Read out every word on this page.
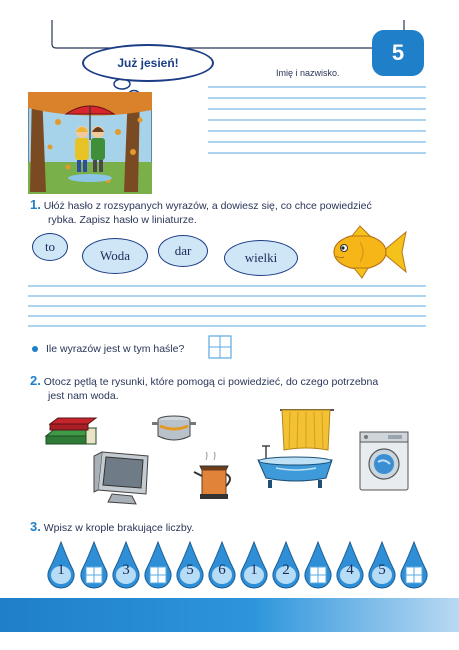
Już jesień!	5
Imię i nazwisko.
1. Ułóż hasło z rozsypanych wyrazów, a dowiesz się, co chce powiedzieć
rybka. Zapisz hasło w liniaturze.
to
Woda	dar	wielki
Ile wyrazów jest w tym haśle?
2. Otocz pętlą te rysunki, które pomogą ci powiedzieć, do czego potrzebna
jest nam woda.
3. Wpisz w krople brakujące liczby.
1	3	5	6	1	2	4	5
